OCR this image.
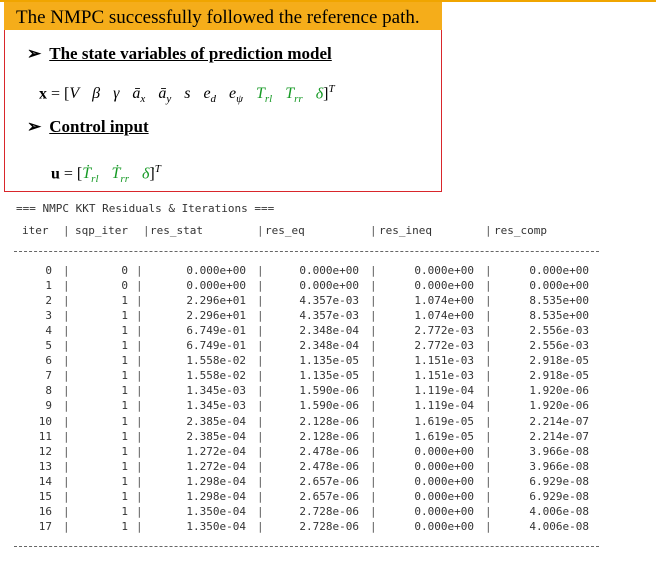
The NMPC successfully followed the reference path.
➢ The state variables of prediction model
x = [V β γ $ā_x$ $ā_y$ s $e_d$ $e_\psi$ $T_{rl}$ $T_{rr}$ δ]$^T$
➢ Control input
u = [Ṫ$_{rl}$ Ṫ$_{rr}$ δ̇]$^T$
=== NMPC KKT Residuals & Iterations ===
iter | sqp_iter | res_stat	| res_eq	| res_ineq	| res_comp
0	0	0.000e+00	0.000e+00	0.000e+00	0.000e+00
|	|	|	|	|
1	0	0.000e+00	0.000e+00	0.000e+00	0.000e+00
|	|	|	|	|
2	1	2.296e+01	4.357e-03	1.074e+00	8.535e+00
|	|	|	|	|
3	1	2.296e+01	4.357e-03	1.074e+00	8.535e+00
|	|	|	|	|
4	1	6.749e-01	2.348e-04	2.772e-03	2.556e-03
|	|	|	|	|
5	1	6.749e-01	2.348e-04	2.772e-03	2.556e-03
|	|	|	|	|
6	1	1.558e-02	1.135e-05	1.151e-03	2.918e-05
|	|	|	|	|
7	1	1.558e-02	1.135e-05	1.151e-03	2.918e-05
|	|	|	|	|
8	1	1.345e-03	1.590e-06	1.119e-04	1.920e-06
|	|	|	|	|
9	1	1.345e-03	1.590e-06	1.119e-04	1.920e-06
|	|	|	|	|
10	1	2.385e-04	2.128e-06	1.619e-05	2.214e-07
|	|	|	|	|
11	1	2.385e-04	2.128e-06	1.619e-05	2.214e-07
|	|	|	|	|
12	1	1.272e-04	2.478e-06	0.000e+00	3.966e-08
|	|	|	|	|
13	1	1.272e-04	2.478e-06	0.000e+00	3.966e-08
|	|	|	|	|
14	1	1.298e-04	2.657e-06	0.000e+00	6.929e-08
|	|	|	|	|
15	1	1.298e-04	2.657e-06	0.000e+00	6.929e-08
|	|	|	|	|
16	1	1.350e-04	2.728e-06	0.000e+00	4.006e-08
|	|	|	|	|
17	1	1.350e-04	2.728e-06	0.000e+00	4.006e-08
|	|	|	|	|
